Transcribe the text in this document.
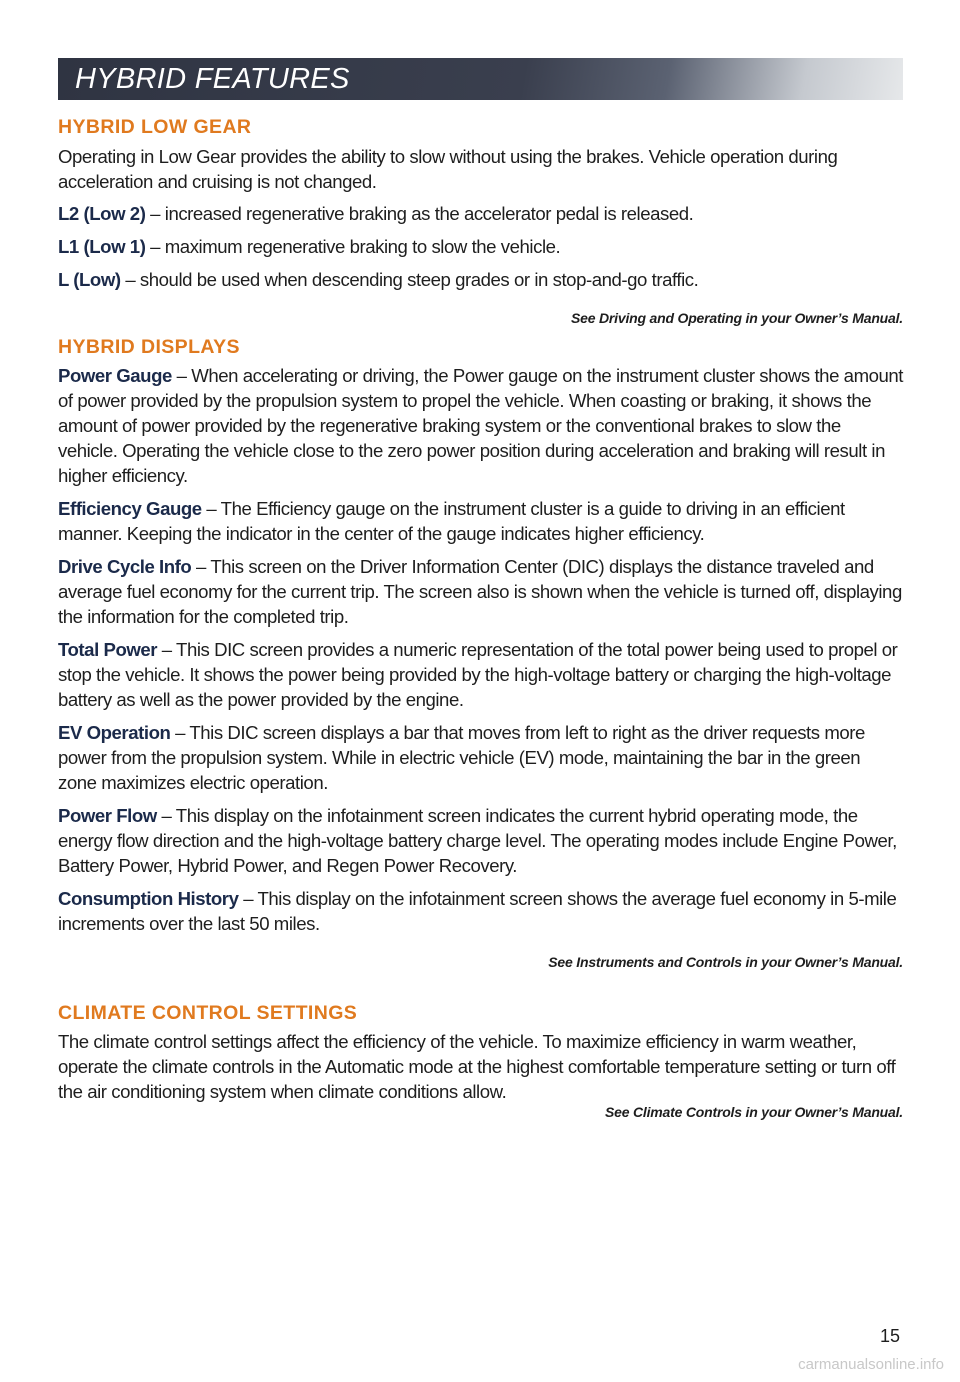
HYBRID FEATURES
HYBRID LOW GEAR

Operating in Low Gear provides the ability to slow without using the brakes. Vehicle operation during acceleration and cruising is not changed.

L2 (Low 2) – increased regenerative braking as the accelerator pedal is released.

L1 (Low 1) – maximum regenerative braking to slow the vehicle.

L (Low) – should be used when descending steep grades or in stop-and-go traffic.

See Driving and Operating in your Owner’s Manual.
HYBRID DISPLAYS

Power Gauge – When accelerating or driving, the Power gauge on the instrument cluster shows the amount of power provided by the propulsion system to propel the vehicle. When coasting or braking, it shows the amount of power provided by the regenerative braking system or the conventional brakes to slow the vehicle. Operating the vehicle close to the zero power position during acceleration and braking will result in higher efficiency.

Efficiency Gauge – The Efficiency gauge on the instrument cluster is a guide to driving in an efficient manner. Keeping the indicator in the center of the gauge indicates higher efficiency.

Drive Cycle Info – This screen on the Driver Information Center (DIC) displays the distance traveled and average fuel economy for the current trip. The screen also is shown when the vehicle is turned off, displaying the information for the completed trip.

Total Power – This DIC screen provides a numeric representation of the total power being used to propel or stop the vehicle. It shows the power being provided by the high-voltage battery or charging the high-voltage battery as well as the power provided by the engine.

EV Operation – This DIC screen displays a bar that moves from left to right as the driver requests more power from the propulsion system. While in electric vehicle (EV) mode, maintaining the bar in the green zone maximizes electric operation.

Power Flow – This display on the infotainment screen indicates the current hybrid operating mode, the energy flow direction and the high-voltage battery charge level. The operating modes include Engine Power, Battery Power, Hybrid Power, and Regen Power Recovery.

Consumption History – This display on the infotainment screen shows the average fuel economy in 5-mile increments over the last 50 miles.

See Instruments and Controls in your Owner’s Manual.
CLIMATE CONTROL SETTINGS

The climate control settings affect the efficiency of the vehicle. To maximize efficiency in warm weather, operate the climate controls in the Automatic mode at the highest comfortable temperature setting or turn off the air conditioning system when climate conditions allow.

See Climate Controls in your Owner’s Manual.
15
carmanualsonline.info
